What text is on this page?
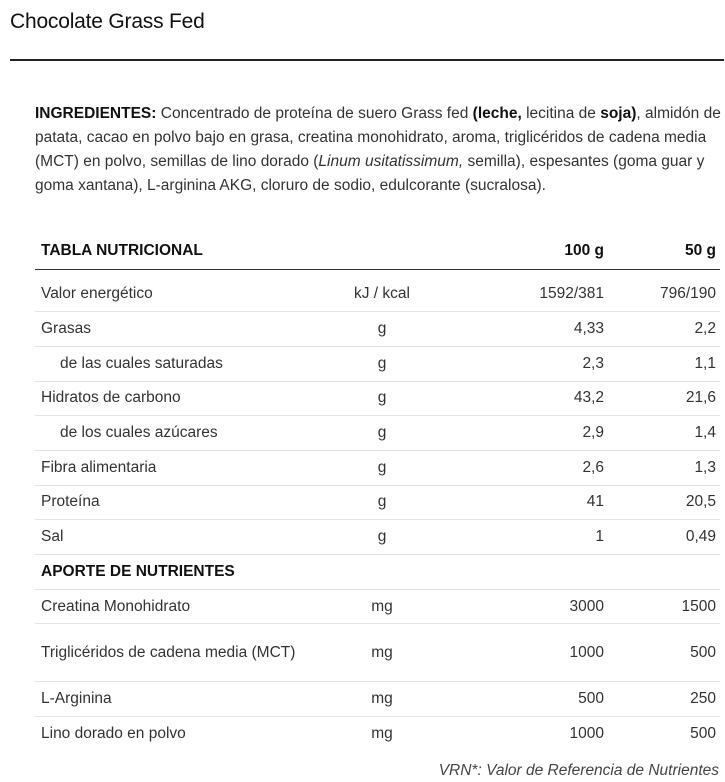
Chocolate Grass Fed
INGREDIENTES: Concentrado de proteína de suero Grass fed (leche, lecitina de soja), almidón de patata, cacao en polvo bajo en grasa, creatina monohidrato, aroma, triglicéridos de cadena media (MCT) en polvo, semillas de lino dorado (Linum usitatissimum, semilla), espesantes (goma guar y goma xantana), L-arginina AKG, cloruro de sodio, edulcorante (sucralosa).
TABLA NUTRICIONAL		100 g	50 g

Valor energético	kJ / kcal	1592/381	796/190
Grasas	g	4,33	2,2
de las cuales saturadas	g	2,3	1,1
Hidratos de carbono	g	43,2	21,6
de los cuales azúcares	g	2,9	1,4
Fibra alimentaria	g	2,6	1,3
Proteína	g	41	20,5
Sal	g	1	0,49
APORTE DE NUTRIENTES			
Creatina Monohidrato	mg	3000	1500
Triglicéridos de cadena media (MCT)	mg	1000	500
L-Arginina	mg	500	250
Lino dorado en polvo	mg	1000	500
VRN*: Valor de Referencia de Nutrientes
